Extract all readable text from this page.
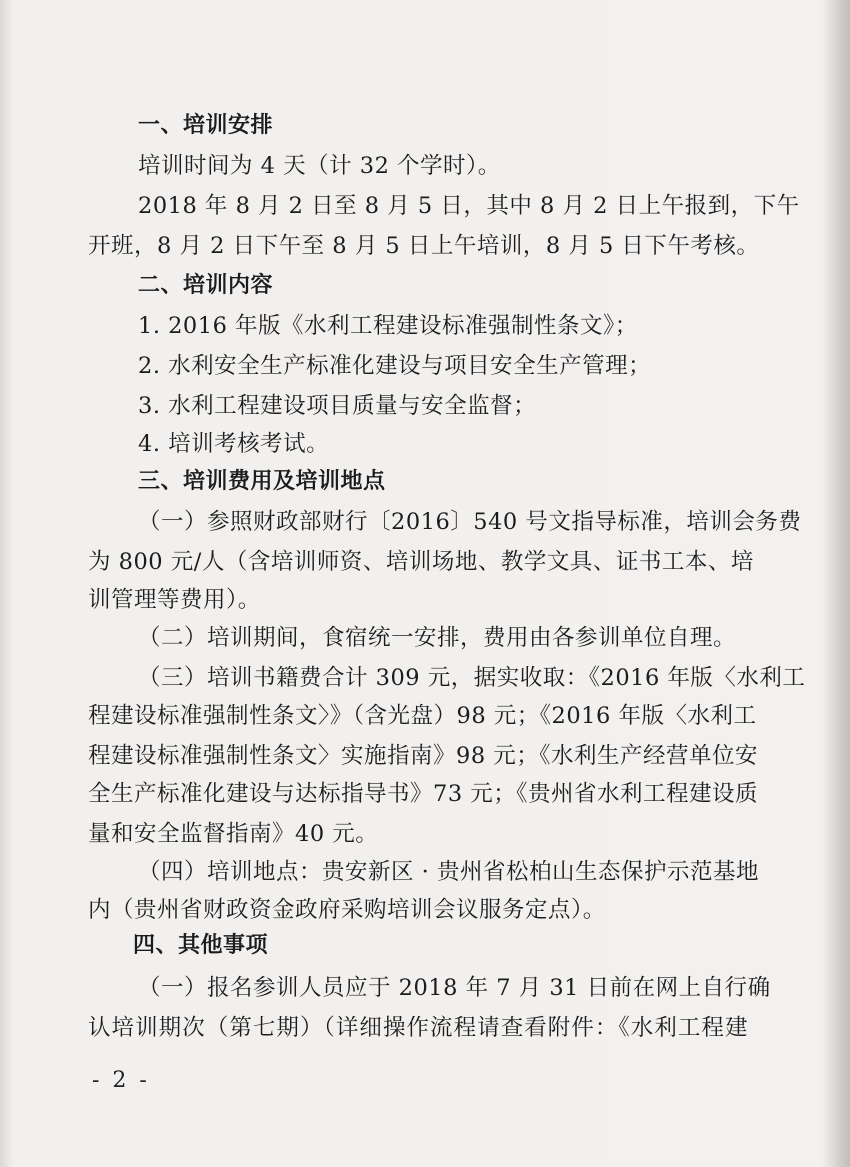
一、培训安排
培训时间为 4 天（计 32 个学时）。
2018 年 8 月 2 日至 8 月 5 日，其中 8 月 2 日上午报到，下午
开班，8 月 2 日下午至 8 月 5 日上午培训，8 月 5 日下午考核。
二、培训内容
1. 2016 年版《水利工程建设标准强制性条文》；
2. 水利安全生产标准化建设与项目安全生产管理；
3. 水利工程建设项目质量与安全监督；
4. 培训考核考试。
三、培训费用及培训地点
（一）参照财政部财行〔2016〕540 号文指导标准，培训会务费
为 800 元/人（含培训师资、培训场地、教学文具、证书工本、培
训管理等费用）。
（二）培训期间，食宿统一安排，费用由各参训单位自理。
（三）培训书籍费合计 309 元，据实收取：《2016 年版〈水利工
程建设标准强制性条文〉》（含光盘）98 元；《2016 年版〈水利工
程建设标准强制性条文〉实施指南》98 元；《水利生产经营单位安
全生产标准化建设与达标指导书》73 元；《贵州省水利工程建设质
量和安全监督指南》40 元。
（四）培训地点：贵安新区 · 贵州省松柏山生态保护示范基地
内（贵州省财政资金政府采购培训会议服务定点）。
四、其他事项
（一）报名参训人员应于 2018 年 7 月 31 日前在网上自行确
认培训期次（第七期）（详细操作流程请查看附件：《水利工程建
- 2 -
